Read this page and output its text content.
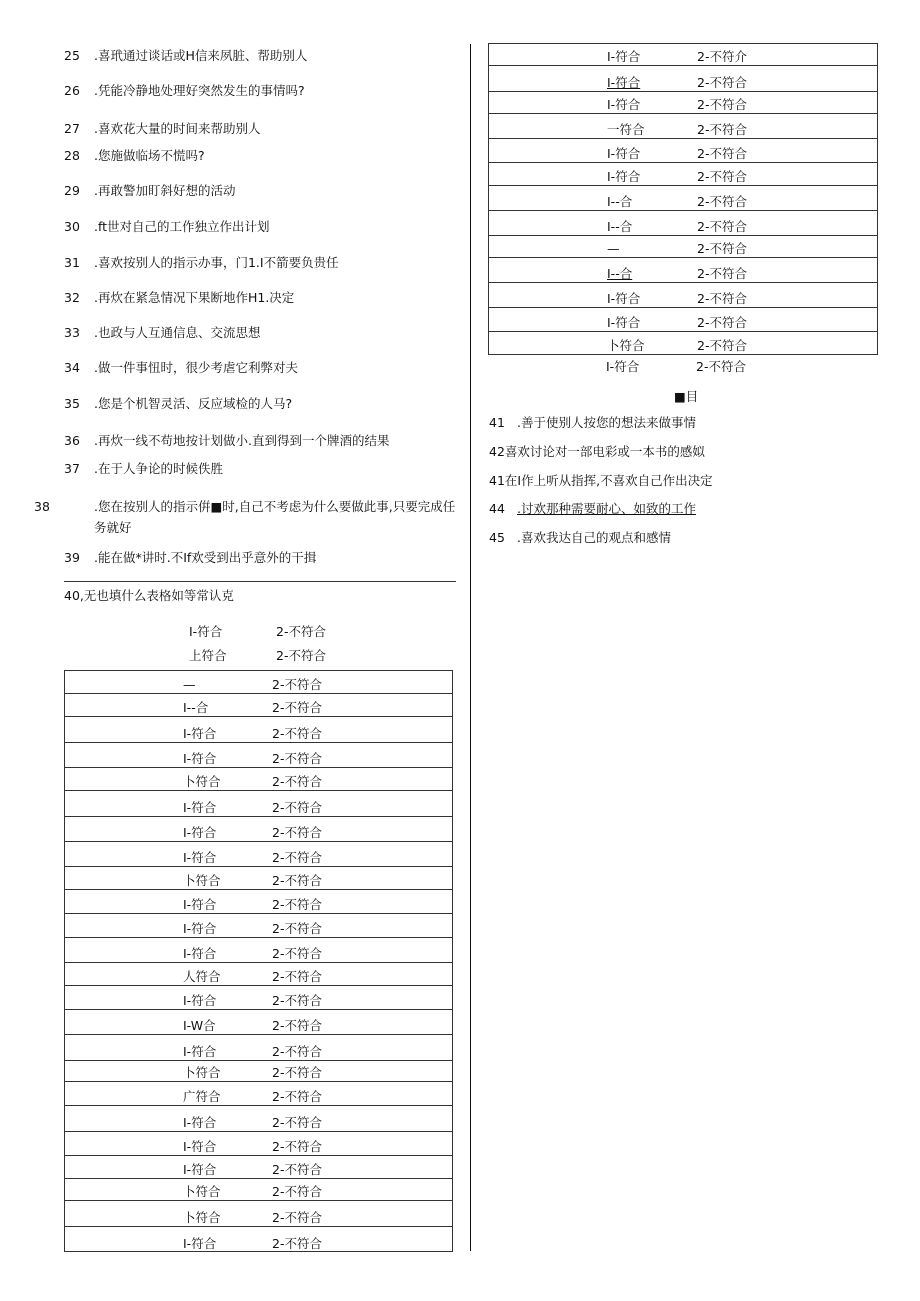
25 .喜玳通过谈话或H信来夙脏、帮助别人
26 .凭能冷静地处理好突然发生的事情吗?
27 .喜欢花大量的时间来帮助别人
28 .您施做临场不慌吗?
29 .再敢警加盯斜好想的活动
30 .ft世对自己的工作独立作出计划
31 .喜欢按别人的指示办事，门1.I不箭要负贵任
32 .再炊在紧急情况下果断地作H1.决定
33 .也政与人互通信息、交流思想
34 .做一件事忸时，很少考虐它利弊对夫
35 .您是个机智灵活、反应域检的人马?
36 .再炊一线不苟地按计划做小.直到得到一个牌酒的结果
37 .在于人争论的时候佚胜
38	.您在按别人的指示倂■时,自己不考虑为什么要做此事,只要完成任务就好
39 .能在做*讲时.不If欢受到出乎意外的干揖
40,无也填什么表格如等常认克
I-符合	2-不符合
上符合	2-不符合
—	2-不符合
I--合	2-不符合
I-符合	2-不符合
I-符合	2-不符合
卜符合	2-不符合
I-符合	2-不符合
I-符合	2-不符合
I-符合	2-不符合
卜符合	2-不符合
I-符合	2-不符合
I-符合	2-不符合
I-符合	2-不符合
人符合	2-不符合
I-符合	2-不符合
I-W合	2-不符合
I-符合	2-不符合
卜符合	2-不符合
广符合	2-不符合
I-符合	2-不符合
I-符合	2-不符合
I-符合	2-不符合
卜符合	2-不符合
卜符合	2-不符合
I-符合	2-不符合
I-符合	2-不符介
I-符合	2-不符合
I-符合	2-不符合
一符合	2-不符合
I-符合	2-不符合
I-符合	2-不符合
I--合	2-不符合
I--合	2-不符合
—	2-不符合
I--合	2-不符合
I-符合	2-不符合
I-符合	2-不符合
卜符合	2-不符合
I-符合	2-不符合
■目
41 .善于使别人按您的想法来做事情
42喜欢讨论对一部电彩或一本书的感姒
41在I作上听从指挥,不喜欢自己作出决定
44 .讨欢那种需要耐心、如致的工作
45 .喜欢我达自己的观点和感情
